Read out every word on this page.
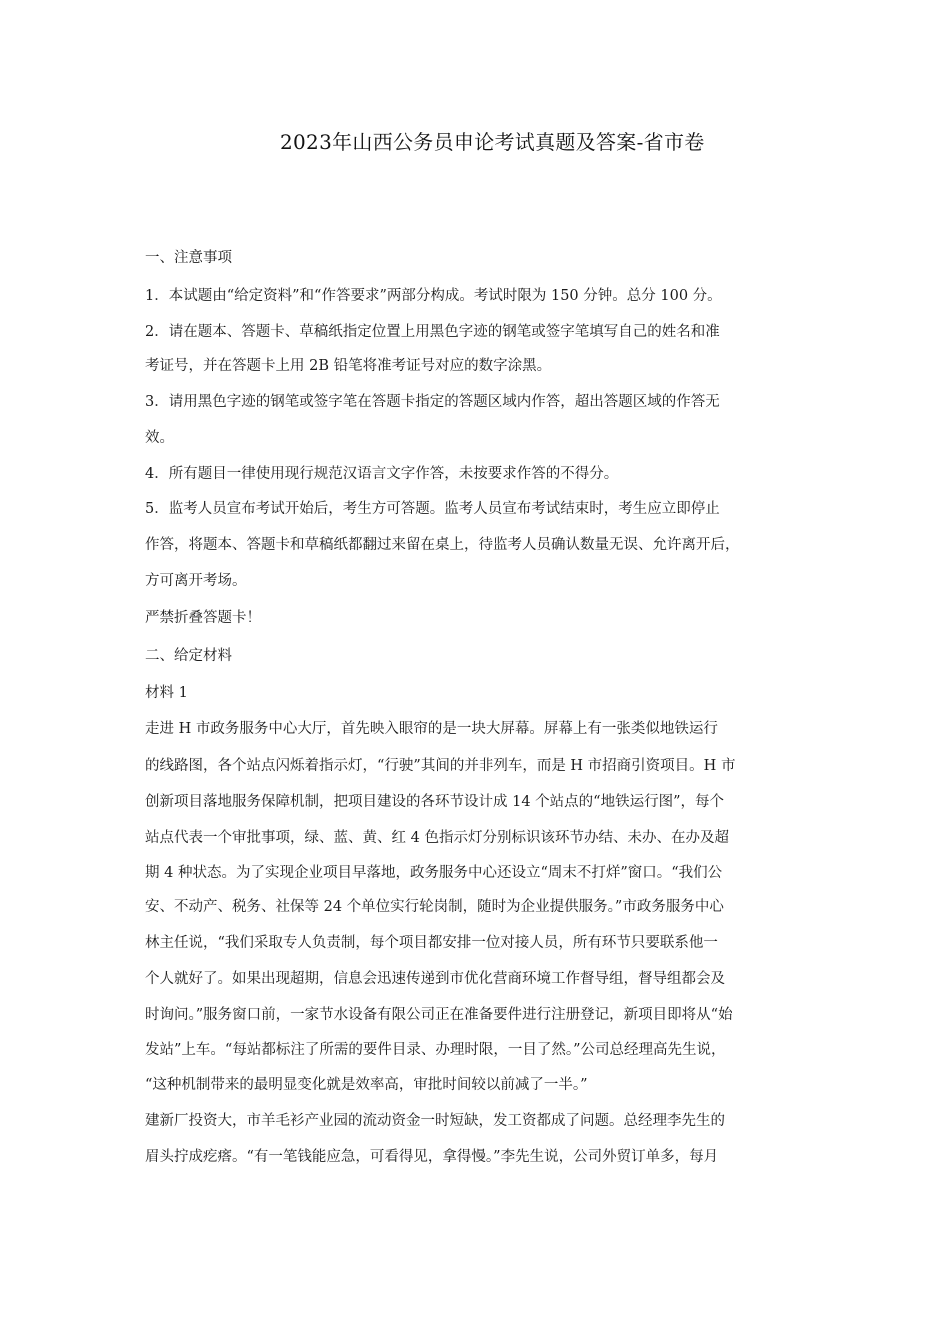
2023年山西公务员申论考试真题及答案-省市卷
一、注意事项
1．本试题由“给定资料”和“作答要求”两部分构成。考试时限为 150 分钟。总分 100 分。
2．请在题本、答题卡、草稿纸指定位置上用黑色字迹的钢笔或签字笔填写自己的姓名和准
考证号，并在答题卡上用 2B 铅笔将准考证号对应的数字涂黑。
3．请用黑色字迹的钢笔或签字笔在答题卡指定的答题区域内作答，超出答题区域的作答无
效。
4．所有题目一律使用现行规范汉语言文字作答，未按要求作答的不得分。
5．监考人员宣布考试开始后，考生方可答题。监考人员宣布考试结束时，考生应立即停止
作答，将题本、答题卡和草稿纸都翻过来留在桌上，待监考人员确认数量无误、允许离开后，
方可离开考场。
严禁折叠答题卡！
二、给定材料
材料 1
走进 H 市政务服务中心大厅，首先映入眼帘的是一块大屏幕。屏幕上有一张类似地铁运行
的线路图，各个站点闪烁着指示灯，“行驶”其间的并非列车，而是 H 市招商引资项目。H 市
创新项目落地服务保障机制，把项目建设的各环节设计成 14 个站点的“地铁运行图”，每个
站点代表一个审批事项，绿、蓝、黄、红 4 色指示灯分别标识该环节办结、未办、在办及超
期 4 种状态。为了实现企业项目早落地，政务服务中心还设立“周末不打烊”窗口。“我们公
安、不动产、税务、社保等 24 个单位实行轮岗制，随时为企业提供服务。”市政务服务中心
林主任说，“我们采取专人负责制，每个项目都安排一位对接人员，所有环节只要联系他一
个人就好了。如果出现超期，信息会迅速传递到市优化营商环境工作督导组，督导组都会及
时询问。”服务窗口前，一家节水设备有限公司正在准备要件进行注册登记，新项目即将从“始
发站”上车。“每站都标注了所需的要件目录、办理时限，一目了然。”公司总经理高先生说，
“这种机制带来的最明显变化就是效率高，审批时间较以前减了一半。”
建新厂投资大，市羊毛衫产业园的流动资金一时短缺，发工资都成了问题。总经理李先生的
眉头拧成疙瘩。“有一笔钱能应急，可看得见，拿得慢。”李先生说，公司外贸订单多，每月
